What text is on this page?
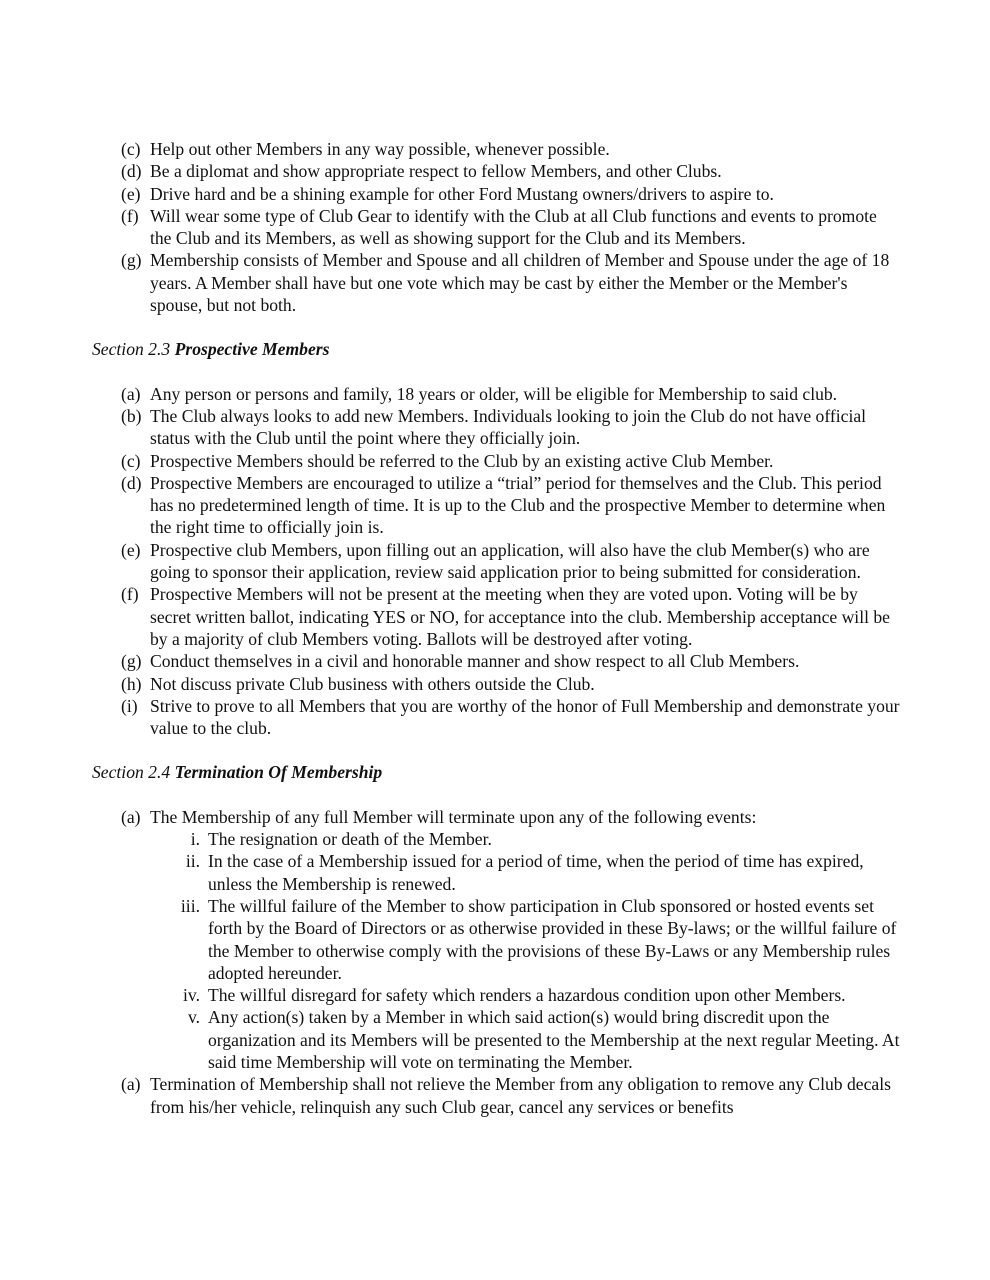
(c) Help out other Members in any way possible, whenever possible.
(d) Be a diplomat and show appropriate respect to fellow Members, and other Clubs.
(e) Drive hard and be a shining example for other Ford Mustang owners/drivers to aspire to.
(f) Will wear some type of Club Gear to identify with the Club at all Club functions and events to promote the Club and its Members, as well as showing support for the Club and its Members.
(g) Membership consists of Member and Spouse and all children of Member and Spouse under the age of 18 years. A Member shall have but one vote which may be cast by either the Member or the Member's spouse, but not both.
Section 2.3 Prospective Members
(a) Any person or persons and family, 18 years or older, will be eligible for Membership to said club.
(b) The Club always looks to add new Members. Individuals looking to join the Club do not have official status with the Club until the point where they officially join.
(c) Prospective Members should be referred to the Club by an existing active Club Member.
(d) Prospective Members are encouraged to utilize a “trial” period for themselves and the Club. This period has no predetermined length of time. It is up to the Club and the prospective Member to determine when the right time to officially join is.
(e) Prospective club Members, upon filling out an application, will also have the club Member(s) who are going to sponsor their application, review said application prior to being submitted for consideration.
(f) Prospective Members will not be present at the meeting when they are voted upon. Voting will be by secret written ballot, indicating YES or NO, for acceptance into the club. Membership acceptance will be by a majority of club Members voting. Ballots will be destroyed after voting.
(g) Conduct themselves in a civil and honorable manner and show respect to all Club Members.
(h) Not discuss private Club business with others outside the Club.
(i) Strive to prove to all Members that you are worthy of the honor of Full Membership and demonstrate your value to the club.
Section 2.4 Termination Of Membership
(a) The Membership of any full Member will terminate upon any of the following events:
i. The resignation or death of the Member.
ii. In the case of a Membership issued for a period of time, when the period of time has expired, unless the Membership is renewed.
iii. The willful failure of the Member to show participation in Club sponsored or hosted events set forth by the Board of Directors or as otherwise provided in these By-laws; or the willful failure of the Member to otherwise comply with the provisions of these By-Laws or any Membership rules adopted hereunder.
iv. The willful disregard for safety which renders a hazardous condition upon other Members.
v. Any action(s) taken by a Member in which said action(s) would bring discredit upon the organization and its Members will be presented to the Membership at the next regular Meeting. At said time Membership will vote on terminating the Member.
(a) Termination of Membership shall not relieve the Member from any obligation to remove any Club decals from his/her vehicle, relinquish any such Club gear, cancel any services or benefits
